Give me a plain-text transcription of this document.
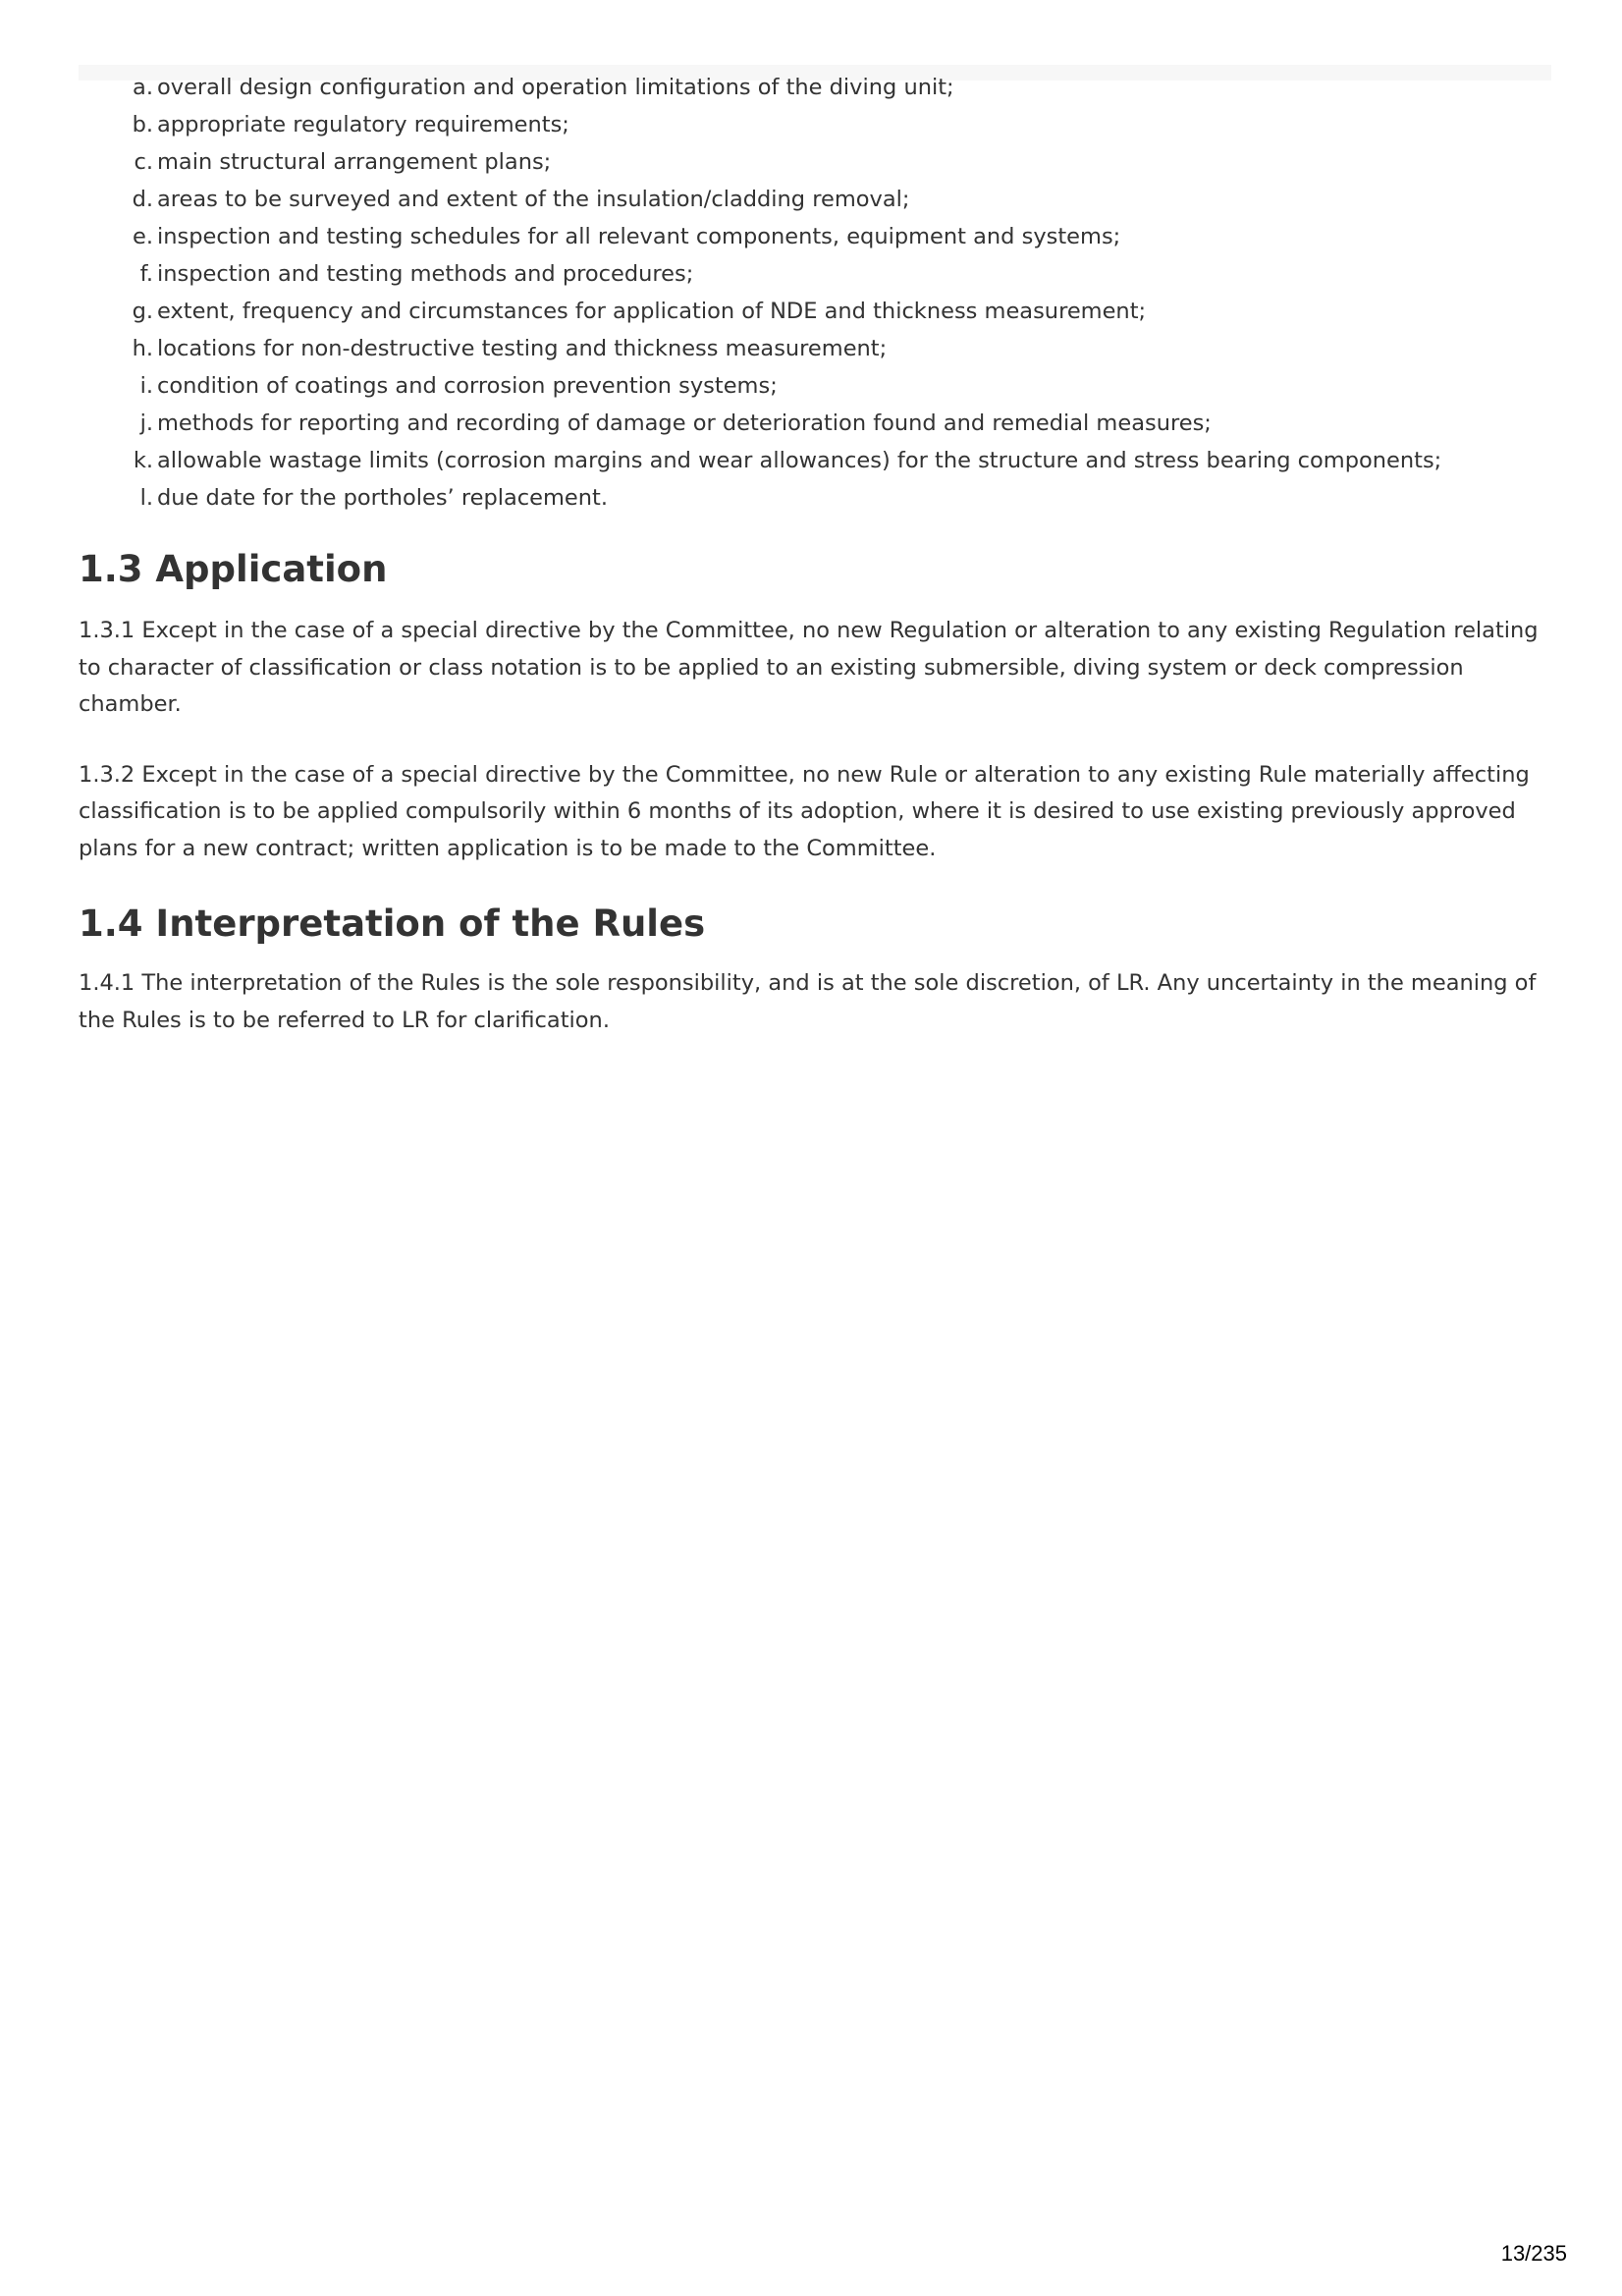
a. overall design configuration and operation limitations of the diving unit;
b. appropriate regulatory requirements;
c. main structural arrangement plans;
d. areas to be surveyed and extent of the insulation/cladding removal;
e. inspection and testing schedules for all relevant components, equipment and systems;
f. inspection and testing methods and procedures;
g. extent, frequency and circumstances for application of NDE and thickness measurement;
h. locations for non-destructive testing and thickness measurement;
i. condition of coatings and corrosion prevention systems;
j. methods for reporting and recording of damage or deterioration found and remedial measures;
k. allowable wastage limits (corrosion margins and wear allowances) for the structure and stress bearing components;
l. due date for the portholes’ replacement.
1.3 Application

1.3.1 Except in the case of a special directive by the Committee, no new Regulation or alteration to any existing Regulation relating to character of classification or class notation is to be applied to an existing submersible, diving system or deck compression chamber.

1.3.2 Except in the case of a special directive by the Committee, no new Rule or alteration to any existing Rule materially affecting classification is to be applied compulsorily within 6 months of its adoption, where it is desired to use existing previously approved plans for a new contract; written application is to be made to the Committee.

1.4 Interpretation of the Rules

1.4.1 The interpretation of the Rules is the sole responsibility, and is at the sole discretion, of LR. Any uncertainty in the meaning of the Rules is to be referred to LR for clarification.

13/235
